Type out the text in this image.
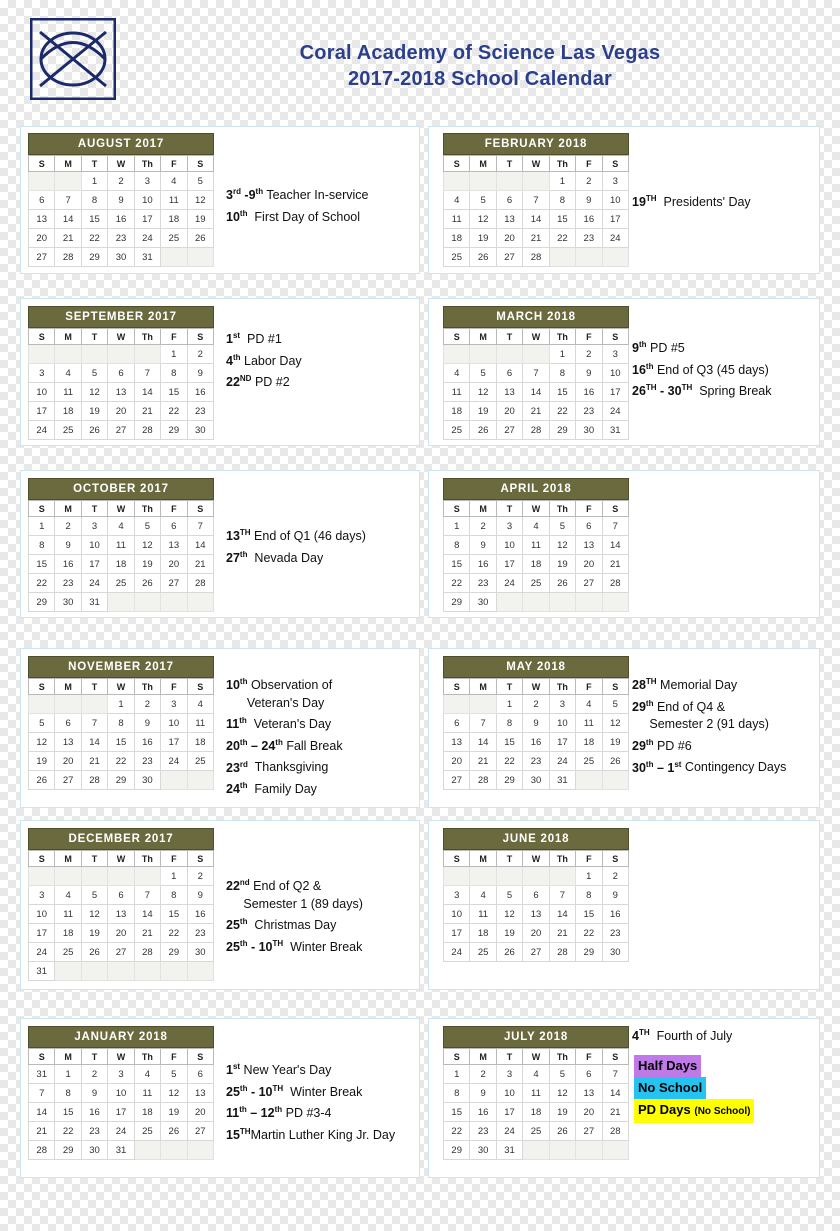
Coral Academy of Science Las Vegas
2017-2018 School Calendar
AUGUST 2017
S	M	T	W	Th	F	S
		1	2	3	4	5
6	7	8	9	10	11	12
13	14	15	16	17	18	19
20	21	22	23	24	25	26
27	28	29	30	31		
3rd -9th Teacher In-service
10th  First Day of School
FEBRUARY 2018
S	M	T	W	Th	F	S
				1	2	3
4	5	6	7	8	9	10
11	12	13	14	15	16	17
18	19	20	21	22	23	24
25	26	27	28			
19TH  Presidents' Day
SEPTEMBER 2017
S	M	T	W	Th	F	S
					1	2
3	4	5	6	7	8	9
10	11	12	13	14	15	16
17	18	19	20	21	22	23
24	25	26	27	28	29	30
1st  PD #1
4th Labor Day
22ND PD #2
MARCH 2018
S	M	T	W	Th	F	S
				1	2	3
4	5	6	7	8	9	10
11	12	13	14	15	16	17
18	19	20	21	22	23	24
25	26	27	28	29	30	31
9th PD #5
16th End of Q3 (45 days)
26TH - 30TH  Spring Break
OCTOBER 2017
S	M	T	W	Th	F	S
1	2	3	4	5	6	7
8	9	10	11	12	13	14
15	16	17	18	19	20	21
22	23	24	25	26	27	28
29	30	31				
13TH End of Q1 (46 days)
27th  Nevada Day
APRIL 2018
S	M	T	W	Th	F	S
1	2	3	4	5	6	7
8	9	10	11	12	13	14
15	16	17	18	19	20	21
22	23	24	25	26	27	28
29	30					
NOVEMBER 2017
S	M	T	W	Th	F	S
			1	2	3	4
5	6	7	8	9	10	11
12	13	14	15	16	17	18
19	20	21	22	23	24	25
26	27	28	29	30		
10th Observation of
Veteran's Day
11th  Veteran's Day
20th – 24th Fall Break
23rd  Thanksgiving
24th  Family Day
MAY 2018
S	M	T	W	Th	F	S
		1	2	3	4	5
6	7	8	9	10	11	12
13	14	15	16	17	18	19
20	21	22	23	24	25	26
27	28	29	30	31		
28TH Memorial Day
29th End of Q4 &
Semester 2 (91 days)
29th PD #6
30th – 1st Contingency Days
DECEMBER 2017
S	M	T	W	Th	F	S
					1	2
3	4	5	6	7	8	9
10	11	12	13	14	15	16
17	18	19	20	21	22	23
24	25	26	27	28	29	30
31						
22nd End of Q2 &
Semester 1 (89 days)
25th  Christmas Day
25th - 10TH  Winter Break
JUNE 2018
S	M	T	W	Th	F	S
					1	2
3	4	5	6	7	8	9
10	11	12	13	14	15	16
17	18	19	20	21	22	23
24	25	26	27	28	29	30
JANUARY 2018
S	M	T	W	Th	F	S
31	1	2	3	4	5	6
7	8	9	10	11	12	13
14	15	16	17	18	19	20
21	22	23	24	25	26	27
28	29	30	31			
1st New Year's Day
25th - 10TH  Winter Break
11th – 12th PD #3-4
15THMartin Luther King Jr. Day
JULY 2018
S	M	T	W	Th	F	S
1	2	3	4	5	6	7
8	9	10	11	12	13	14
15	16	17	18	19	20	21
22	23	24	25	26	27	28
29	30	31				
4TH  Fourth of July
Half Days
No School
PD Days (No School)
